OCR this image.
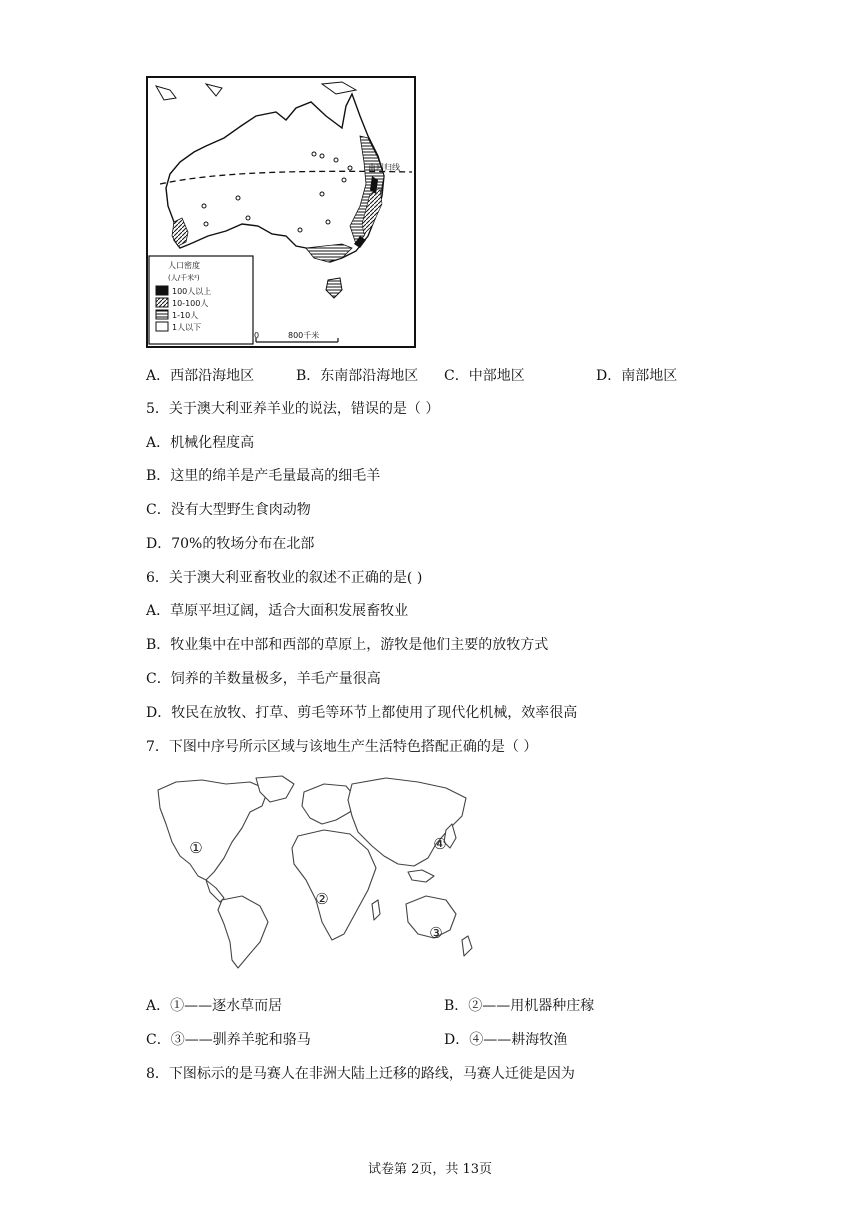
南回归线
人口密度
(人/千米²)
100人以上
10-100人
1-10人
1人以下
0	800千米
A．西部沿海地区	B．东南部沿海地区 C．中部地区	D．南部地区
5．关于澳大利亚养羊业的说法，错误的是（ ）
A．机械化程度高
B．这里的绵羊是产毛量最高的细毛羊
C．没有大型野生食肉动物
D．70%的牧场分布在北部
6．关于澳大利亚畜牧业的叙述不正确的是( )
A．草原平坦辽阔，适合大面积发展畜牧业
B．牧业集中在中部和西部的草原上，游牧是他们主要的放牧方式
C．饲养的羊数量极多，羊毛产量很高
D．牧民在放牧、打草、剪毛等环节上都使用了现代化机械，效率很高
7．下图中序号所示区域与该地生产生活特色搭配正确的是（ ）
①
②
③
④
A．①——逐水草而居	B．②——用机器种庄稼
C．③——驯养羊驼和骆马	D．④——耕海牧渔
8．下图标示的是马赛人在非洲大陆上迁移的路线，马赛人迁徙是因为
试卷第 2页，共 13页
